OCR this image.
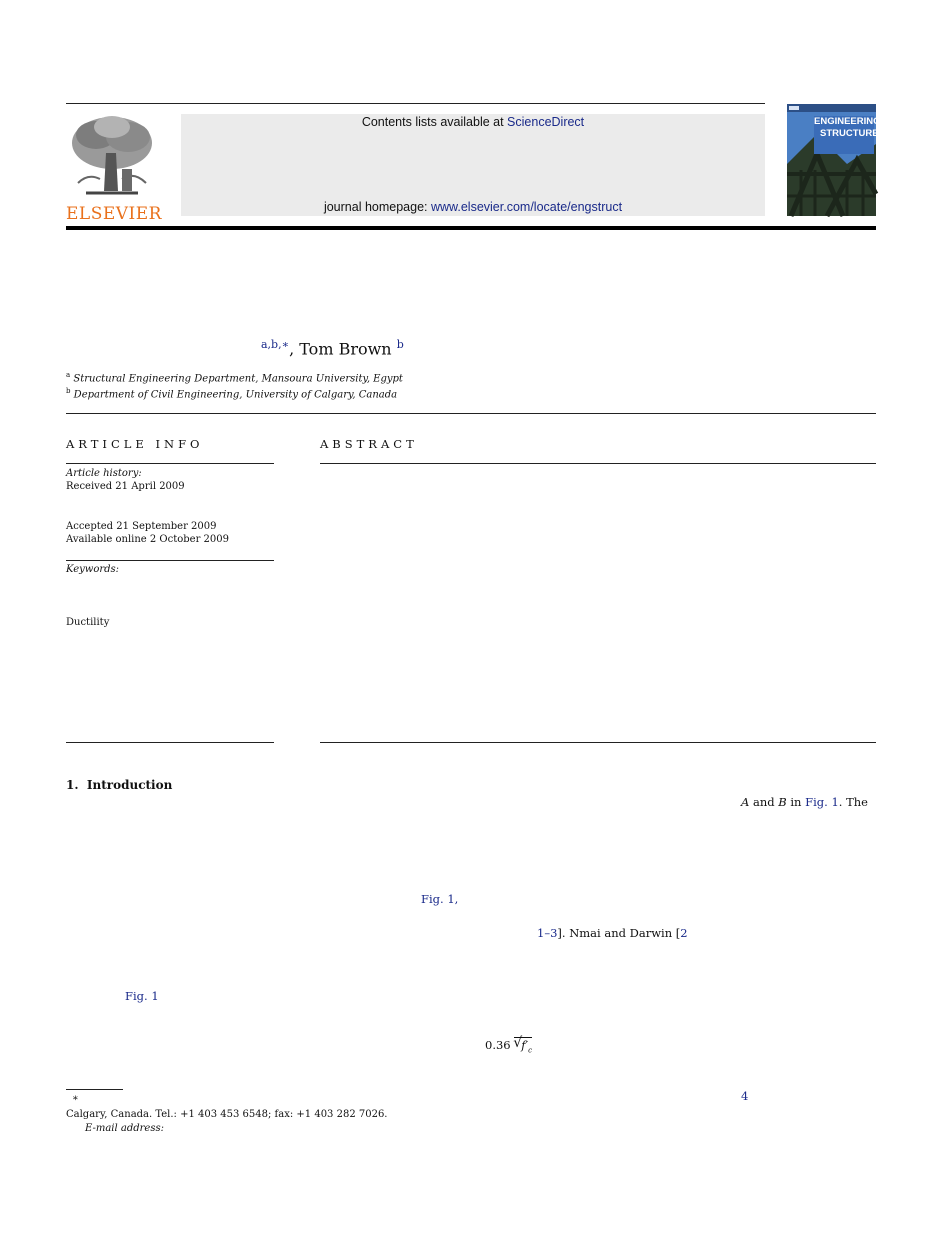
ELSEVIER
Contents lists available at ScienceDirect
journal homepage: www.elsevier.com/locate/engstruct
ENGINEERING
STRUCTURES
$^{a,b,∗}$, Tom Brown $^b$
$^a$ Structural Engineering Department, Mansoura University, Egypt
$^b$ Department of Civil Engineering, University of Calgary, Canada
ARTICLE INFO
Article history:
Received 21 April 2009
Accepted 21 September 2009
Available online 2 October 2009
Keywords:
Ductility
ABSTRACT
1.  Introduction
A and B in Fig. 1. The
Fig. 1,
1–3]. Nmai and Darwin [2
Fig. 1
0.36 √ $f'_c$
4
∗
Calgary, Canada. Tel.: +1 403 453 6548; fax: +1 403 282 7026.
E-mail address:
